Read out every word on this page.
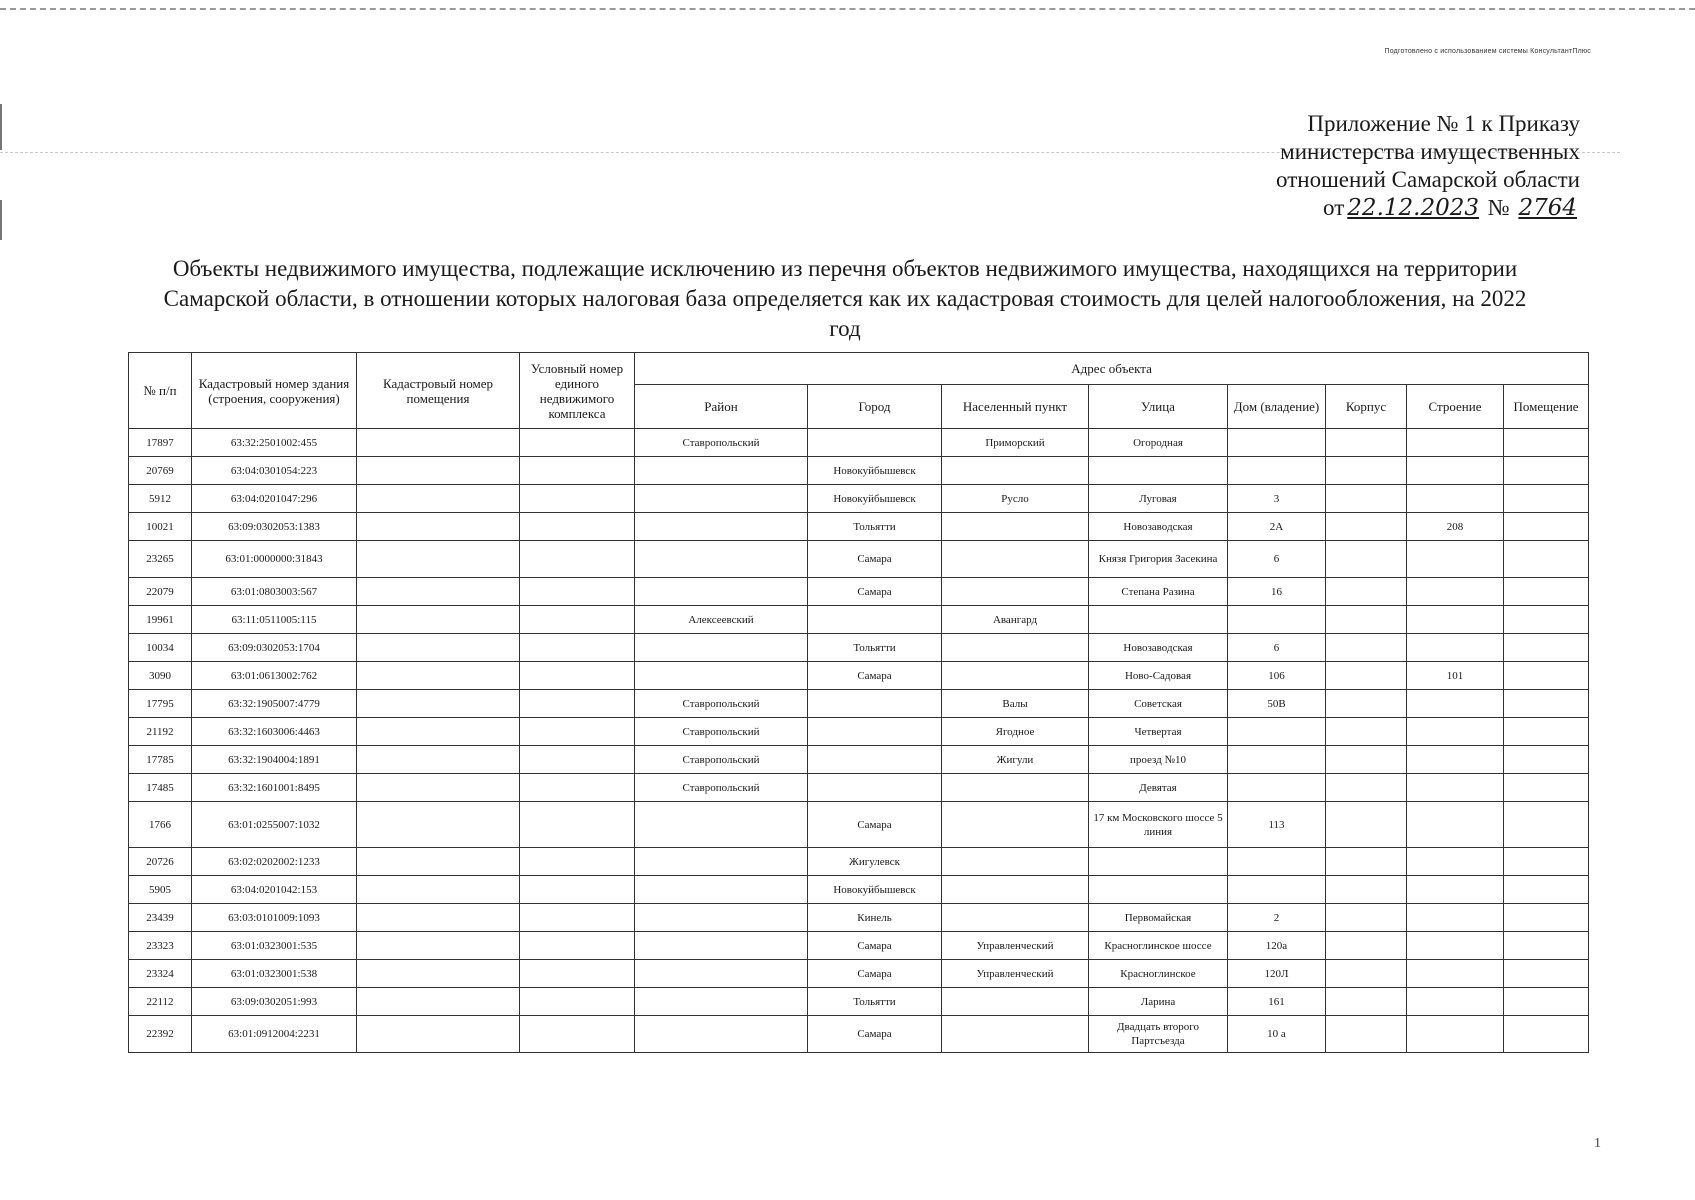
Подготовлено с использованием системы КонсультантПлюс
Приложение № 1 к Приказу
министерства имущественных
отношений Самарской области
от 22.12.2023 № 2764
Объекты недвижимого имущества, подлежащие исключению из перечня объектов недвижимого имущества, находящихся на территории Самарской области, в отношении которых налоговая база определяется как их кадастровая стоимость для целей налогообложения, на 2022 год
№ п/п	Кадастровый номер здания (строения, сооружения)	Кадастровый номер помещения	Условный номер единого недвижимого комплекса	Адрес объекта							
				Район	Город	Населенный пункт	Улица	Дом (владение)	Корпус	Строение	Помещение
17897	63:32:2501002:455			Ставропольский		Приморский	Огородная				
20769	63:04:0301054:223				Новокуйбышевск						
5912	63:04:0201047:296				Новокуйбышевск	Русло	Луговая	3			
10021	63:09:0302053:1383				Тольятти		Новозаводская	2А		208	
23265	63:01:0000000:31843				Самара		Князя Григория Засекина	6			
22079	63:01:0803003:567				Самара		Степана Разина	16			
19961	63:11:0511005:115			Алексеевский		Авангард					
10034	63:09:0302053:1704				Тольятти		Новозаводская	6			
3090	63:01:0613002:762				Самара		Ново-Садовая	106		101	
17795	63:32:1905007:4779			Ставропольский		Валы	Советская	50В			
21192	63:32:1603006:4463			Ставропольский		Ягодное	Четвертая				
17785	63:32:1904004:1891			Ставропольский		Жигули	проезд №10				
17485	63:32:1601001:8495			Ставропольский			Девятая				
1766	63:01:0255007:1032				Самара		17 км Московского шоссе 5 линия	113			
20726	63:02:0202002:1233				Жигулевск						
5905	63:04:0201042:153				Новокуйбышевск						
23439	63:03:0101009:1093				Кинель		Первомайская	2			
23323	63:01:0323001:535				Самара	Управленческий	Красноглинское шоссе	120а			
23324	63:01:0323001:538				Самара	Управленческий	Красноглинское	120Л			
22112	63:09:0302051:993				Тольятти		Ларина	161			
22392	63:01:0912004:2231				Самара		Двадцать второго Партсъезда	10 а			
1
